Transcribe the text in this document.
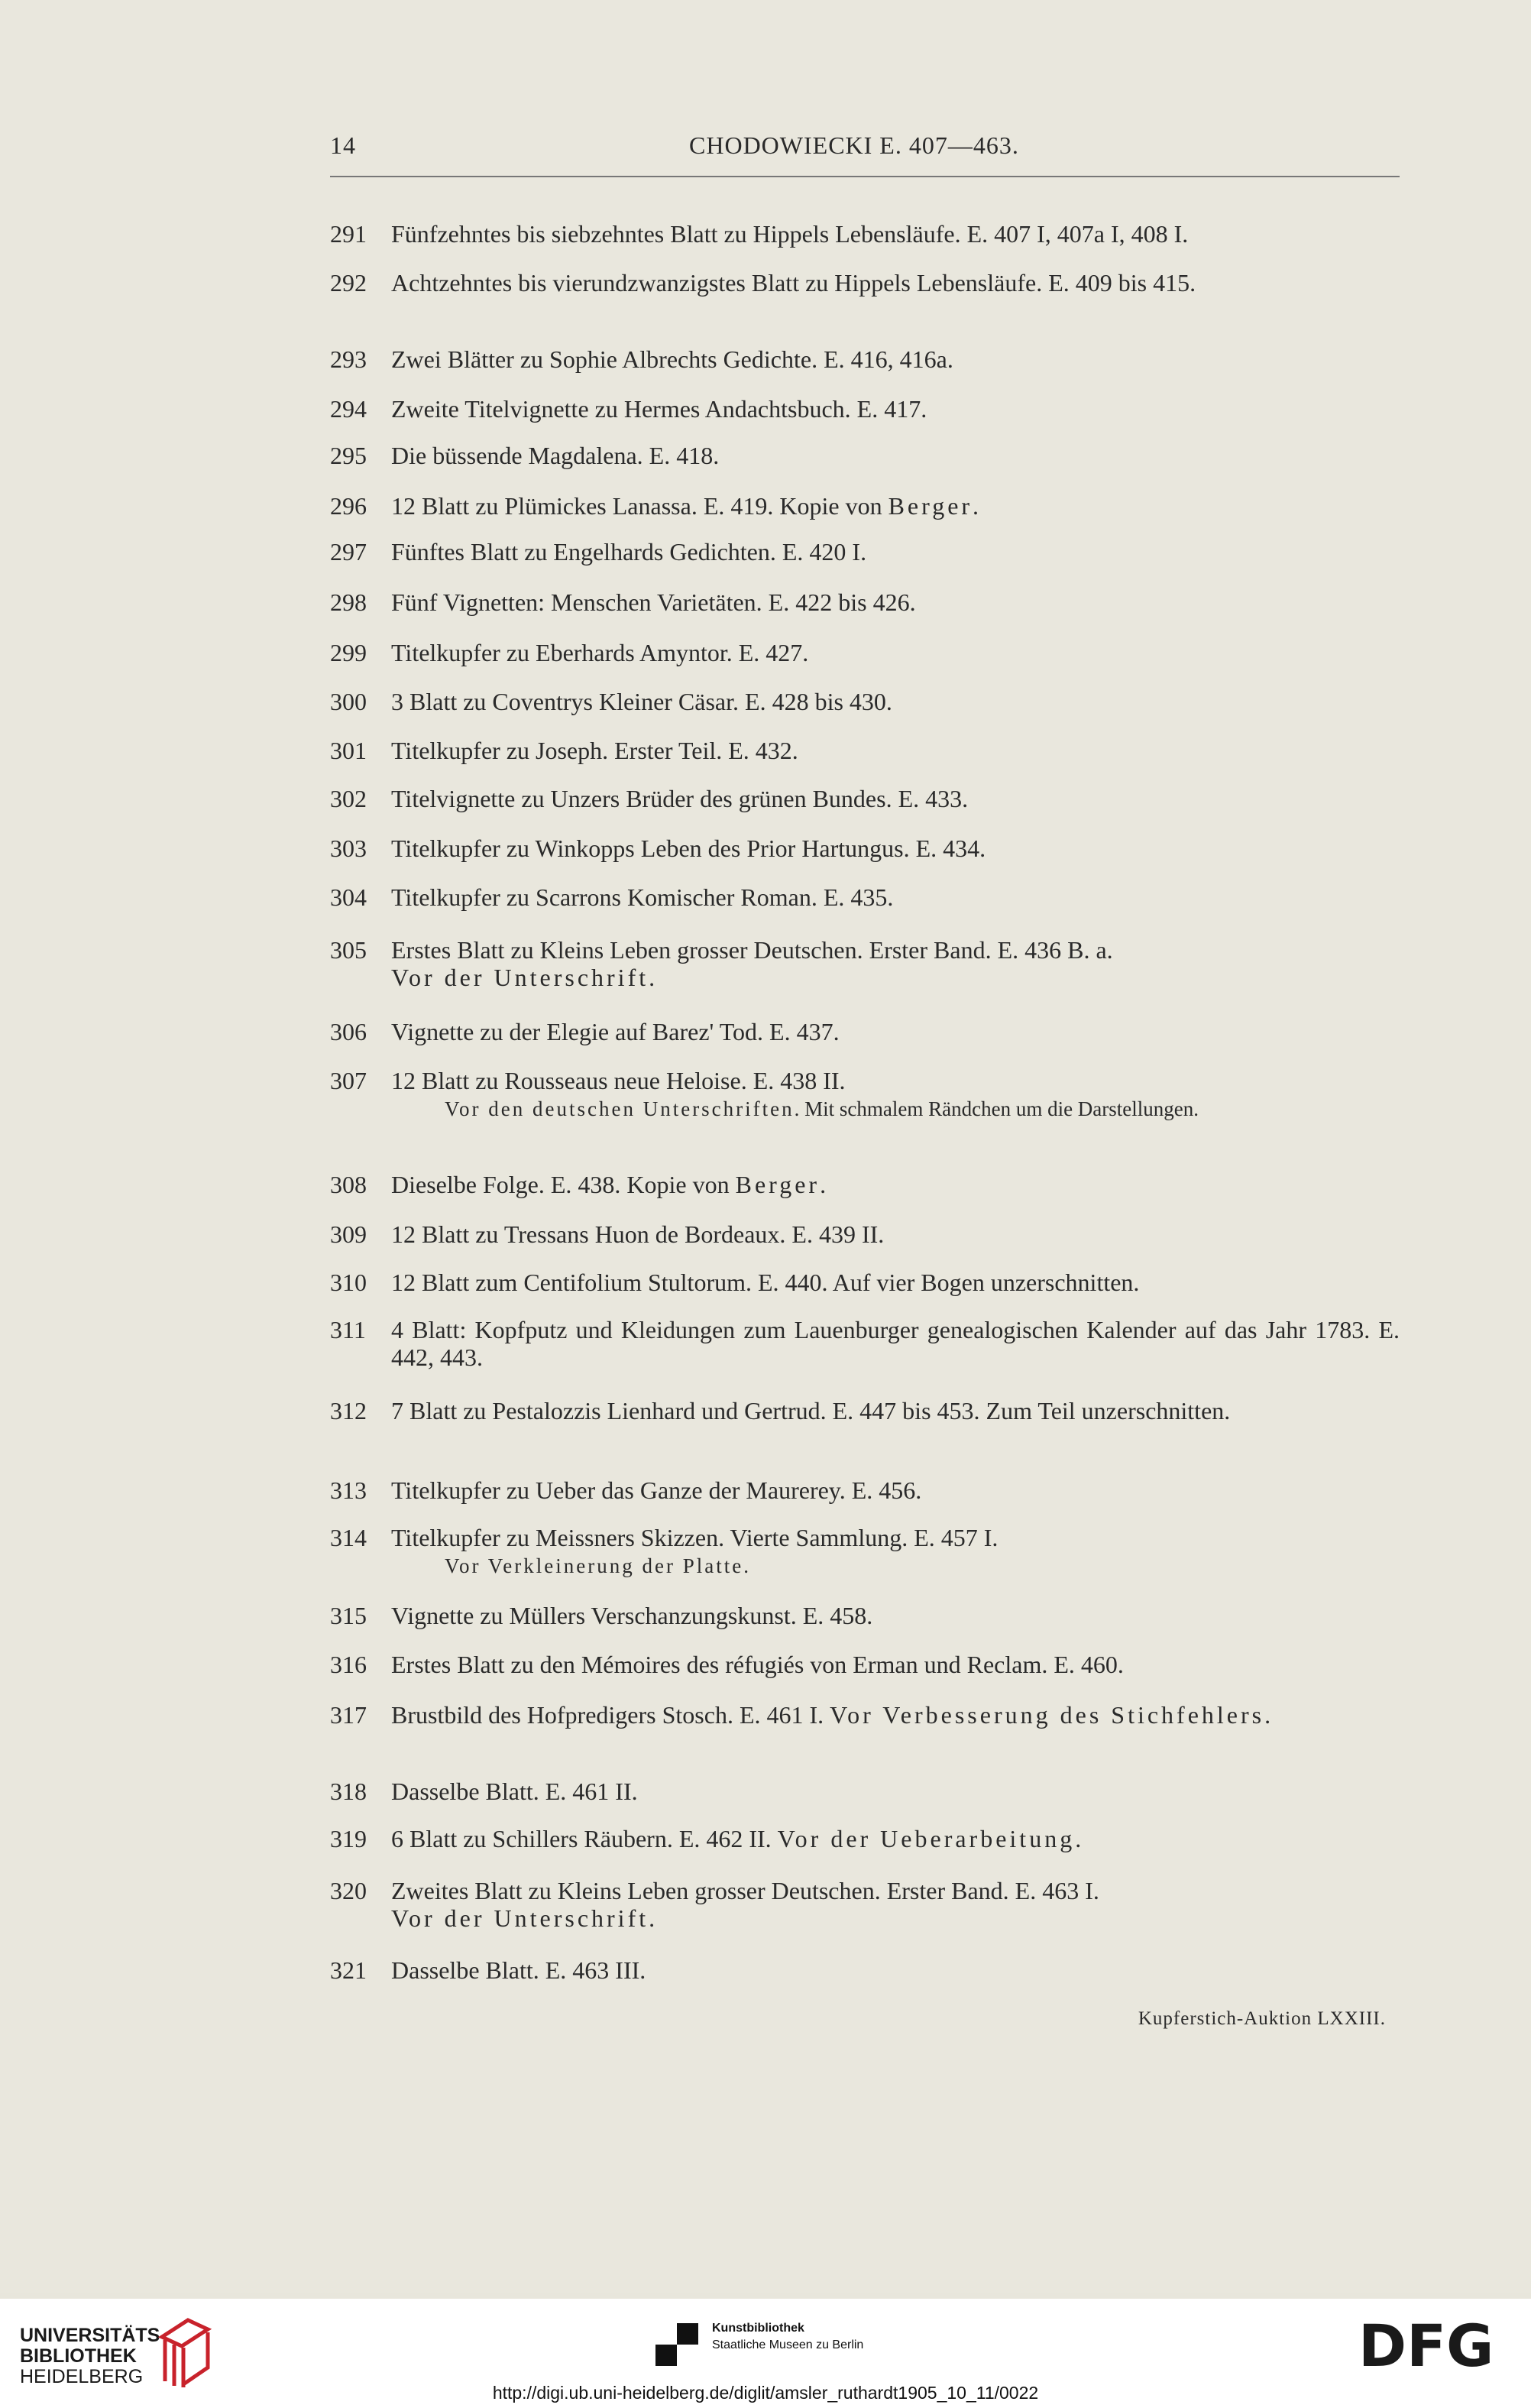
14	CHODOWIECKI E. 407—463.
291 Fünfzehntes bis siebzehntes Blatt zu Hippels Lebensläufe. E. 407 I, 407a I, 408 I.
292 Achtzehntes bis vierundzwanzigstes Blatt zu Hippels Lebensläufe. E. 409 bis 415.
293 Zwei Blätter zu Sophie Albrechts Gedichte. E. 416, 416a.
294 Zweite Titelvignette zu Hermes Andachtsbuch. E. 417.
295 Die büssende Magdalena. E. 418.
296 12 Blatt zu Plümickes Lanassa. E. 419. Kopie von Berger.
297 Fünftes Blatt zu Engelhards Gedichten. E. 420 I.
298 Fünf Vignetten: Menschen Varietäten. E. 422 bis 426.
299 Titelkupfer zu Eberhards Amyntor. E. 427.
300 3 Blatt zu Coventrys Kleiner Cäsar. E. 428 bis 430.
301 Titelkupfer zu Joseph. Erster Teil. E. 432.
302 Titelvignette zu Unzers Brüder des grünen Bundes. E. 433.
303 Titelkupfer zu Winkopps Leben des Prior Hartungus. E. 434.
304 Titelkupfer zu Scarrons Komischer Roman. E. 435.
305 Erstes Blatt zu Kleins Leben grosser Deutschen. Erster Band. E. 436 B. a.
Vor der Unterschrift.
306 Vignette zu der Elegie auf Barez' Tod. E. 437.
307 12 Blatt zu Rousseaus neue Heloise. E. 438 II.
Vor den deutschen Unterschriften. Mit schmalem Rändchen um die Darstellungen.
308 Dieselbe Folge. E. 438. Kopie von Berger.
309 12 Blatt zu Tressans Huon de Bordeaux. E. 439 II.
310 12 Blatt zum Centifolium Stultorum. E. 440. Auf vier Bogen unzerschnitten.
311 4 Blatt: Kopfputz und Kleidungen zum Lauenburger genealogischen Kalender auf das Jahr 1783. E. 442, 443.
312 7 Blatt zu Pestalozzis Lienhard und Gertrud. E. 447 bis 453. Zum Teil unzerschnitten.
313 Titelkupfer zu Ueber das Ganze der Maurerey. E. 456.
314 Titelkupfer zu Meissners Skizzen. Vierte Sammlung. E. 457 I.
Vor Verkleinerung der Platte.
315 Vignette zu Müllers Verschanzungskunst. E. 458.
316 Erstes Blatt zu den Mémoires des réfugiés von Erman und Reclam. E. 460.
317 Brustbild des Hofpredigers Stosch. E. 461 I. Vor Verbesserung des Stichfehlers.
318 Dasselbe Blatt. E. 461 II.
319 6 Blatt zu Schillers Räubern. E. 462 II. Vor der Ueberarbeitung.
320 Zweites Blatt zu Kleins Leben grosser Deutschen. Erster Band. E. 463 I.
Vor der Unterschrift.
321 Dasselbe Blatt. E. 463 III.
Kupferstich-Auktion LXXIII.
UNIVERSITÄTS-
BIBLIOTHEK
HEIDELBERG
Kunstbibliothek
Staatliche Museen zu Berlin	DFG
http://digi.ub.uni-heidelberg.de/diglit/amsler_ruthardt1905_10_11/0022
